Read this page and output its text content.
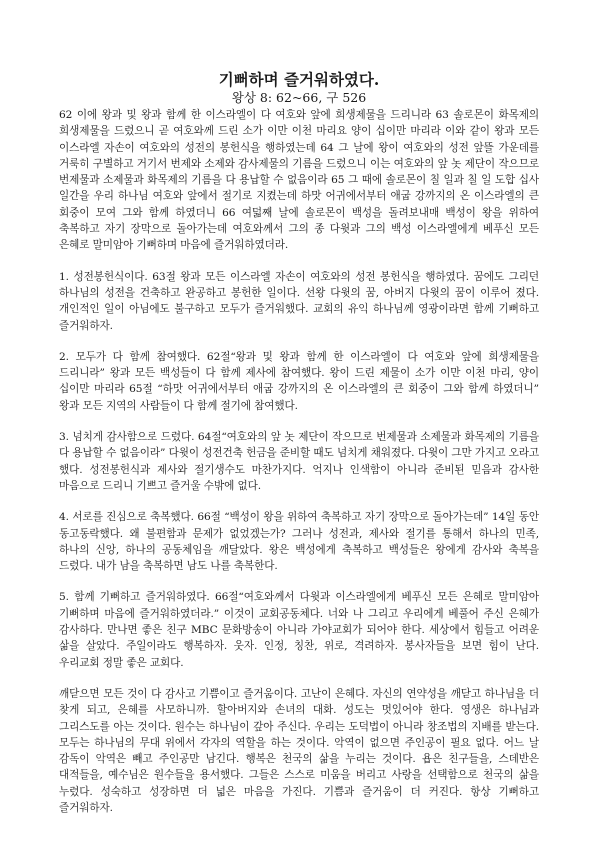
기뻐하며 즐거워하였다.

왕상 8: 62~66, 구 526

62 이에 왕과 및 왕과 함께 한 이스라엘이 다 여호와 앞에 희생제물을 드리니라 63 솔로몬이 화목제의 희생제물을 드렸으니 곧 여호와께 드린 소가 이만 이천 마리요 양이 십이만 마리라 이와 같이 왕과 모든 이스라엘 자손이 여호와의 성전의 봉헌식을 행하였는데 64 그 날에 왕이 여호와의 성전 앞뜰 가운데를 거룩히 구별하고 거기서 번제와 소제와 감사제물의 기름을 드렸으니 이는 여호와의 앞 놋 제단이 작으므로 번제물과 소제물과 화목제의 기름을 다 용납할 수 없음이라 65 그 때에 솔로몬이 칠 일과 칠 일 도합 십사 일간을 우리 하나님 여호와 앞에서 절기로 지켰는데 하맛 어귀에서부터 애굽 강까지의 온 이스라엘의 큰 회중이 모여 그와 함께 하였더니 66 여덟째 날에 솔로몬이 백성을 돌려보내매 백성이 왕을 위하여 축복하고 자기 장막으로 돌아가는데 여호와께서 그의 종 다윗과 그의 백성 이스라엘에게 베푸신 모든 은혜로 말미암아 기뻐하며 마음에 즐거워하였더라.

1. 성전봉헌식이다. 63절 왕과 모든 이스라엘 자손이 여호와의 성전 봉헌식을 행하였다. 꿈에도 그리던 하나님의 성전을 건축하고 완공하고 봉헌한 일이다. 선왕 다윗의 꿈, 아버지 다윗의 꿈이 이루어 졌다. 개인적인 일이 아님에도 불구하고 모두가 즐거워했다. 교회의 유익 하나님께 영광이라면 함께 기뻐하고 즐거워하자.

2. 모두가 다 함께 참여했다. 62절“왕과 및 왕과 함께 한 이스라엘이 다 여호와 앞에 희생제물을 드리니라” 왕과 모든 백성들이 다 함께 제사에 참여했다. 왕이 드린 제물이 소가 이만 이천 마리, 양이 십이만 마리라 65절 “하맛 어귀에서부터 애굽 강까지의 온 이스라엘의 큰 회중이 그와 함께 하였더니” 왕과 모든 지역의 사람들이 다 함께 절기에 참여했다.

3. 넘치게 감사함으로 드렸다. 64절“여호와의 앞 놋 제단이 작으므로 번제물과 소제물과 화목제의 기름을 다 용납할 수 없음이라” 다윗이 성전건축 헌금을 준비할 때도 넘치게 채워졌다. 다윗이 그만 가지고 오라고 했다. 성전봉헌식과 제사와 절기생수도 마찬가지다. 억지나 인색함이 아니라 준비된 믿음과 감사한 마음으로 드리니 기쁘고 즐거울 수밖에 없다.

4. 서로를 진심으로 축복했다. 66절 “백성이 왕을 위하여 축복하고 자기 장막으로 돌아가는데” 14일 동안 동고동락했다. 왜 불편함과 문제가 없었겠는가? 그러나 성전과, 제사와 절기를 통해서 하나의 민족, 하나의 신앙, 하나의 공동체임을 깨달았다. 왕은 백성에게 축복하고 백성들은 왕에게 감사와 축복을 드렸다. 내가 남을 축복하면 남도 나를 축복한다.

5. 함께 기뻐하고 즐거워하였다. 66절“여호와께서 다윗과 이스라엘에게 베푸신 모든 은혜로 말미암아 기뻐하며 마음에 즐거워하였더라.” 이것이 교회공동체다. 너와 나 그리고 우리에게 베풀어 주신 은혜가 감사하다. 만나면 좋은 친구 MBC 문화방송이 아니라 가야교회가 되어야 한다. 세상에서 힘들고 어려운 삶을 살았다. 주일이라도 행복하자. 웃자. 인정, 칭찬, 위로, 격려하자. 봉사자들을 보면 힘이 난다. 우리교회 정말 좋은 교회다.

깨닫으면 모든 것이 다 감사고 기쁨이고 즐거움이다. 고난이 은혜다. 자신의 연약성을 깨닫고 하나님을 더 찾게 되고, 은혜를 사모하니까. 할아버지와 손녀의 대화. 성도는 멋있어야 한다. 영생은 하나님과 그리스도를 아는 것이다. 원수는 하나님이 갚아 주신다. 우리는 도덕법이 아니라 창조법의 지배를 받는다. 모두는 하나님의 무대 위에서 각자의 역할을 하는 것이다. 악역이 없으면 주인공이 필요 없다. 어느 날 감독이 악역은 빼고 주인공만 남긴다. 행복은 천국의 삶을 누리는 것이다. 욥은 친구들을, 스데반은 대적들을, 예수님은 원수들을 용서했다. 그들은 스스로 미움을 버리고 사랑을 선택함으로 천국의 삶을 누렸다. 성숙하고 성장하면 더 넓은 마음을 가진다. 기쁨과 즐거움이 더 커진다. 항상 기뻐하고 즐거워하자.
